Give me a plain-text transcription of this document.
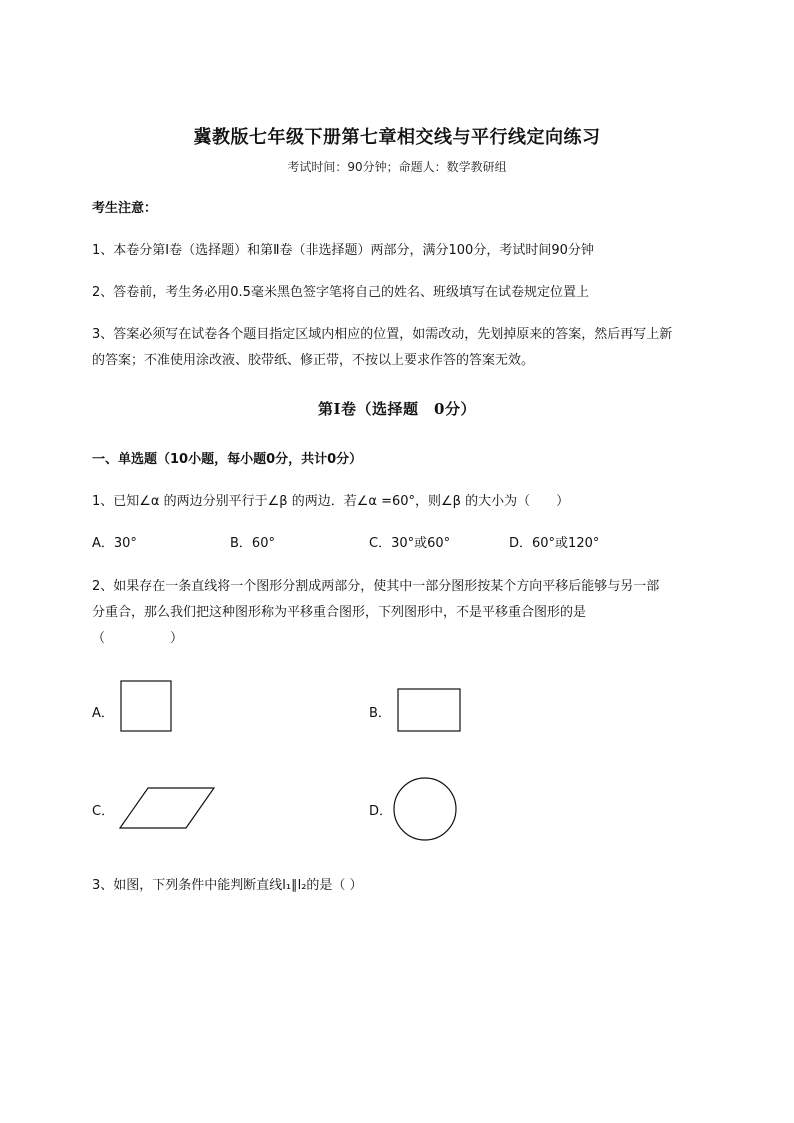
冀教版七年级下册第七章相交线与平行线定向练习
考试时间：90分钟；命题人：数学教研组
考生注意：
1、本卷分第I卷（选择题）和第Ⅱ卷（非选择题）两部分，满分100分，考试时间90分钟
2、答卷前，考生务必用0.5毫米黑色签字笔将自己的姓名、班级填写在试卷规定位置上
3、答案必须写在试卷各个题目指定区域内相应的位置，如需改动，先划掉原来的答案，然后再写上新
的答案；不准使用涂改液、胶带纸、修正带，不按以上要求作答的答案无效。
第I卷（选择题　0分）
一、单选题（10小题，每小题0分，共计0分）
1、已知∠α 的两边分别平行于∠β 的两边．若∠α =60°，则∠β 的大小为（　　）
A．30°	B．60°	C．30°或60°	D．60°或120°
2、如果存在一条直线将一个图形分割成两部分，使其中一部分图形按某个方向平移后能够与另一部
分重合，那么我们把这种图形称为平移重合图形，下列图形中，不是平移重合图形的是
（　　　　　）
A．	B．
C．	D．
3、如图，下列条件中能判断直线l₁∥l₂的是（ ）
